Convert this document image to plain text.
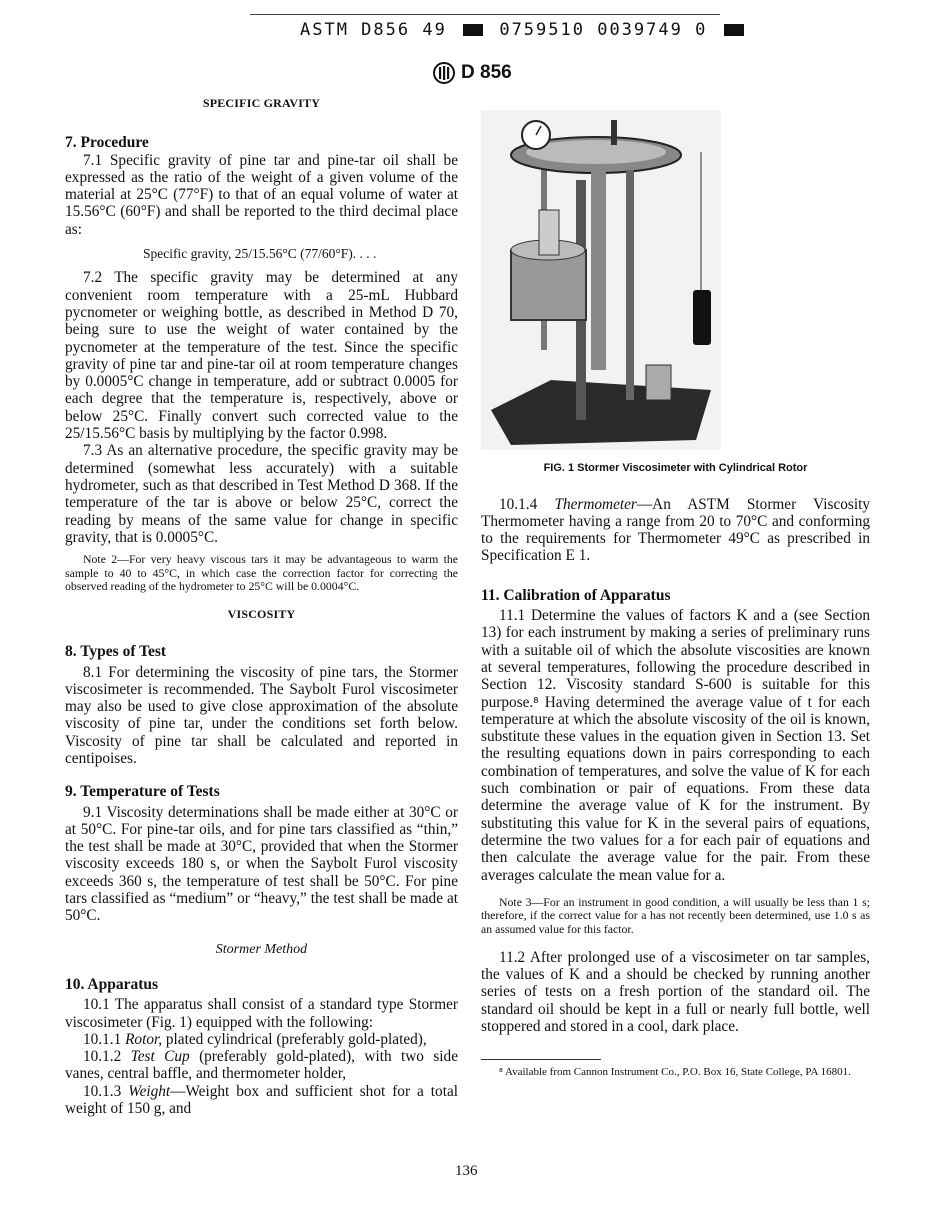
ASTM D856 49	0759510 0039749 0
D 856
SPECIFIC GRAVITY
7. Procedure

7.1 Specific gravity of pine tar and pine-tar oil shall be expressed as the ratio of the weight of a given volume of the material at 25°C (77°F) to that of an equal volume of water at 15.56°C (60°F) and shall be reported to the third decimal place as:

Specific gravity, 25/15.56°C (77/60°F). . . .

7.2 The specific gravity may be determined at any convenient room temperature with a 25-mL Hubbard pycnometer or weighing bottle, as described in Method D 70, being sure to use the weight of water contained by the pycnometer at the temperature of the test. Since the specific gravity of pine tar and pine-tar oil at room temperature changes by 0.0005°C change in temperature, add or subtract 0.0005 for each degree that the temperature is, respectively, above or below 25°C. Finally convert such corrected value to the 25/15.56°C basis by multiplying by the factor 0.998.

7.3 As an alternative procedure, the specific gravity may be determined (somewhat less accurately) with a suitable hydrometer, such as that described in Test Method D 368. If the temperature of the tar is above or below 25°C, correct the reading by means of the same value for change in specific gravity, that is 0.0005°C.

Note 2—For very heavy viscous tars it may be advantageous to warm the sample to 40 to 45°C, in which case the correction factor for correcting the observed reading of the hydrometer to 25°C will be 0.0004°C.
VISCOSITY
8. Types of Test

8.1 For determining the viscosity of pine tars, the Stormer viscosimeter is recommended. The Saybolt Furol viscosimeter may also be used to give close approximation of the absolute viscosity of pine tar, under the conditions set forth below. Viscosity of pine tar shall be calculated and reported in centipoises.

9. Temperature of Tests

9.1 Viscosity determinations shall be made either at 30°C or at 50°C. For pine-tar oils, and for pine tars classified as “thin,” the test shall be made at 30°C, provided that when the Stormer viscosity exceeds 180 s, or when the Saybolt Furol viscosity exceeds 360 s, the temperature of test shall be 50°C. For pine tars classified as “medium” or “heavy,” the test shall be made at 50°C.

Stormer Method
10. Apparatus

10.1 The apparatus shall consist of a standard type Stormer viscosimeter (Fig. 1) equipped with the following:

10.1.1 Rotor, plated cylindrical (preferably gold-plated),

10.1.2 Test Cup (preferably gold-plated), with two side vanes, central baffle, and thermometer holder,

10.1.3 Weight—Weight box and sufficient shot for a total weight of 150 g, and

FIG. 1 Stormer Viscosimeter with Cylindrical Rotor

10.1.4 Thermometer—An ASTM Stormer Viscosity Thermometer having a range from 20 to 70°C and conforming to the requirements for Thermometer 49°C as prescribed in Specification E 1.

11. Calibration of Apparatus

11.1 Determine the values of factors K and a (see Section 13) for each instrument by making a series of preliminary runs with a suitable oil of which the absolute viscosities are known at several temperatures, following the procedure described in Section 12. Viscosity standard S-600 is suitable for this purpose.⁸ Having determined the average value of t for each temperature at which the absolute viscosity of the oil is known, substitute these values in the equation given in Section 13. Set the resulting equations down in pairs corresponding to each combination of temperatures, and solve the value of K for each such combination or pair of equations. From these data determine the average value of K for the instrument. By substituting this value for K in the several pairs of equations, determine the two values for a for each pair of equations and then calculate the average value for the pair. From these averages calculate the mean value for a.

Note 3—For an instrument in good condition, a will usually be less than 1 s; therefore, if the correct value for a has not recently been determined, use 1.0 s as an assumed value for this factor.

11.2 After prolonged use of a viscosimeter on tar samples, the values of K and a should be checked by running another series of tests on a fresh portion of the standard oil. The standard oil should be kept in a full or nearly full bottle, well stoppered and stored in a cool, dark place.

⁸ Available from Cannon Instrument Co., P.O. Box 16, State College, PA 16801.
136
